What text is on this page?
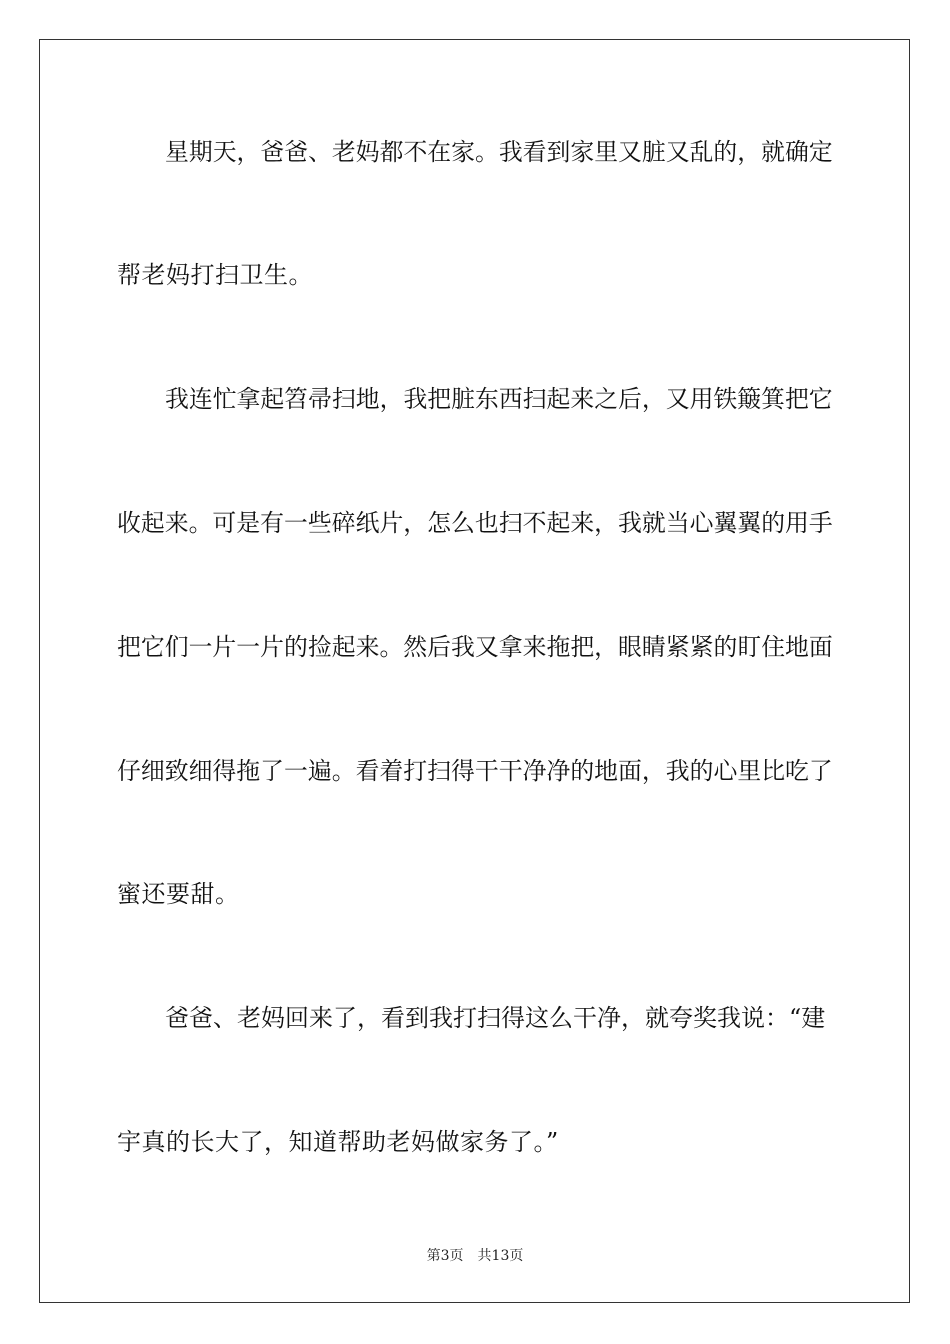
星期天，爸爸、老妈都不在家。我看到家里又脏又乱的，就确定
帮老妈打扫卫生。
我连忙拿起笤帚扫地，我把脏东西扫起来之后，又用铁簸箕把它
收起来。可是有一些碎纸片，怎么也扫不起来，我就当心翼翼的用手
把它们一片一片的捡起来。然后我又拿来拖把，眼睛紧紧的盯住地面
仔细致细得拖了一遍。看着打扫得干干净净的地面，我的心里比吃了
蜜还要甜。
爸爸、老妈回来了，看到我打扫得这么干净，就夸奖我说：“建
宇真的长大了，知道帮助老妈做家务了。”
第3页 共13页
